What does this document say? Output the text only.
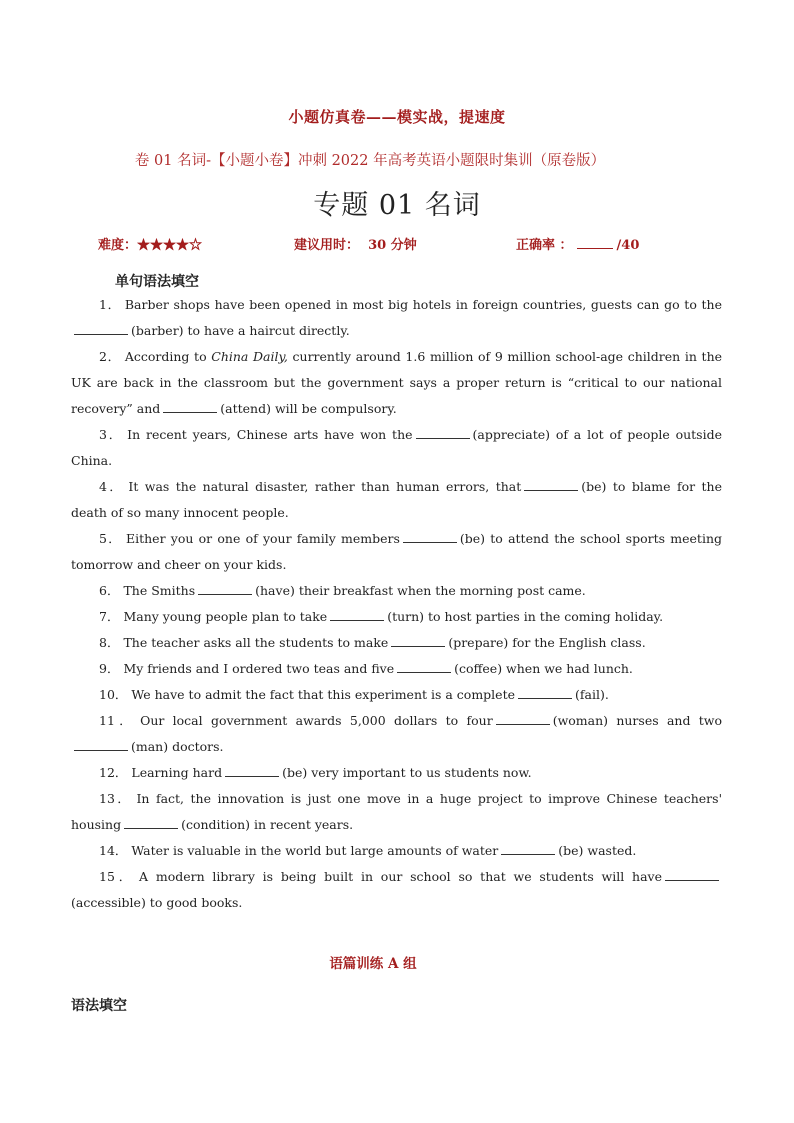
小题仿真卷——模实战，提速度
卷 01 名词-【小题小卷】冲刺 2022 年高考英语小题限时集训（原卷版）
专题 01 名词
难度：★★★★☆	建议用时： 30 分钟	正确率 ：	/40
单句语法填空

1． Barber shops have been opened in most big hotels in foreign countries, guests can go to the(barber) to have a haircut directly.

2． According to China Daily, currently around 1.6 million of 9 million school-age children in the UK are back in the classroom but the government says a proper return is “critical to our national recovery” and	(attend) will be compulsory.

3． In recent years, Chinese arts have won the	(appreciate) of a lot of people outside China.

4． It was the natural disaster, rather than human errors, that	(be) to blame for the death of so many innocent people.

5． Either you or one of your family members	(be) to attend the school sports meeting tomorrow and cheer on your kids.

6． The Smiths	(have) their breakfast when the morning post came.

7． Many young people plan to take	(turn) to host parties in the coming holiday.

8． The teacher asks all the students to make	(prepare) for the English class.

9． My friends and I ordered two teas and five	(coffee) when we had lunch.

10． We have to admit the fact that this experiment is a complete	(fail).

11． Our local government awards 5,000 dollars to four	(woman) nurses and two(man) doctors.

12． Learning hard	(be) very important to us students now.

13． In fact, the innovation is just one move in a huge project to improve Chinese teachers' housing	(condition) in recent years.

14． Water is valuable in the world but large amounts of water	(be) wasted.

15． A modern library is being built in our school so that we students will have(accessible) to good books.

语篇训练 A 组
语法填空
